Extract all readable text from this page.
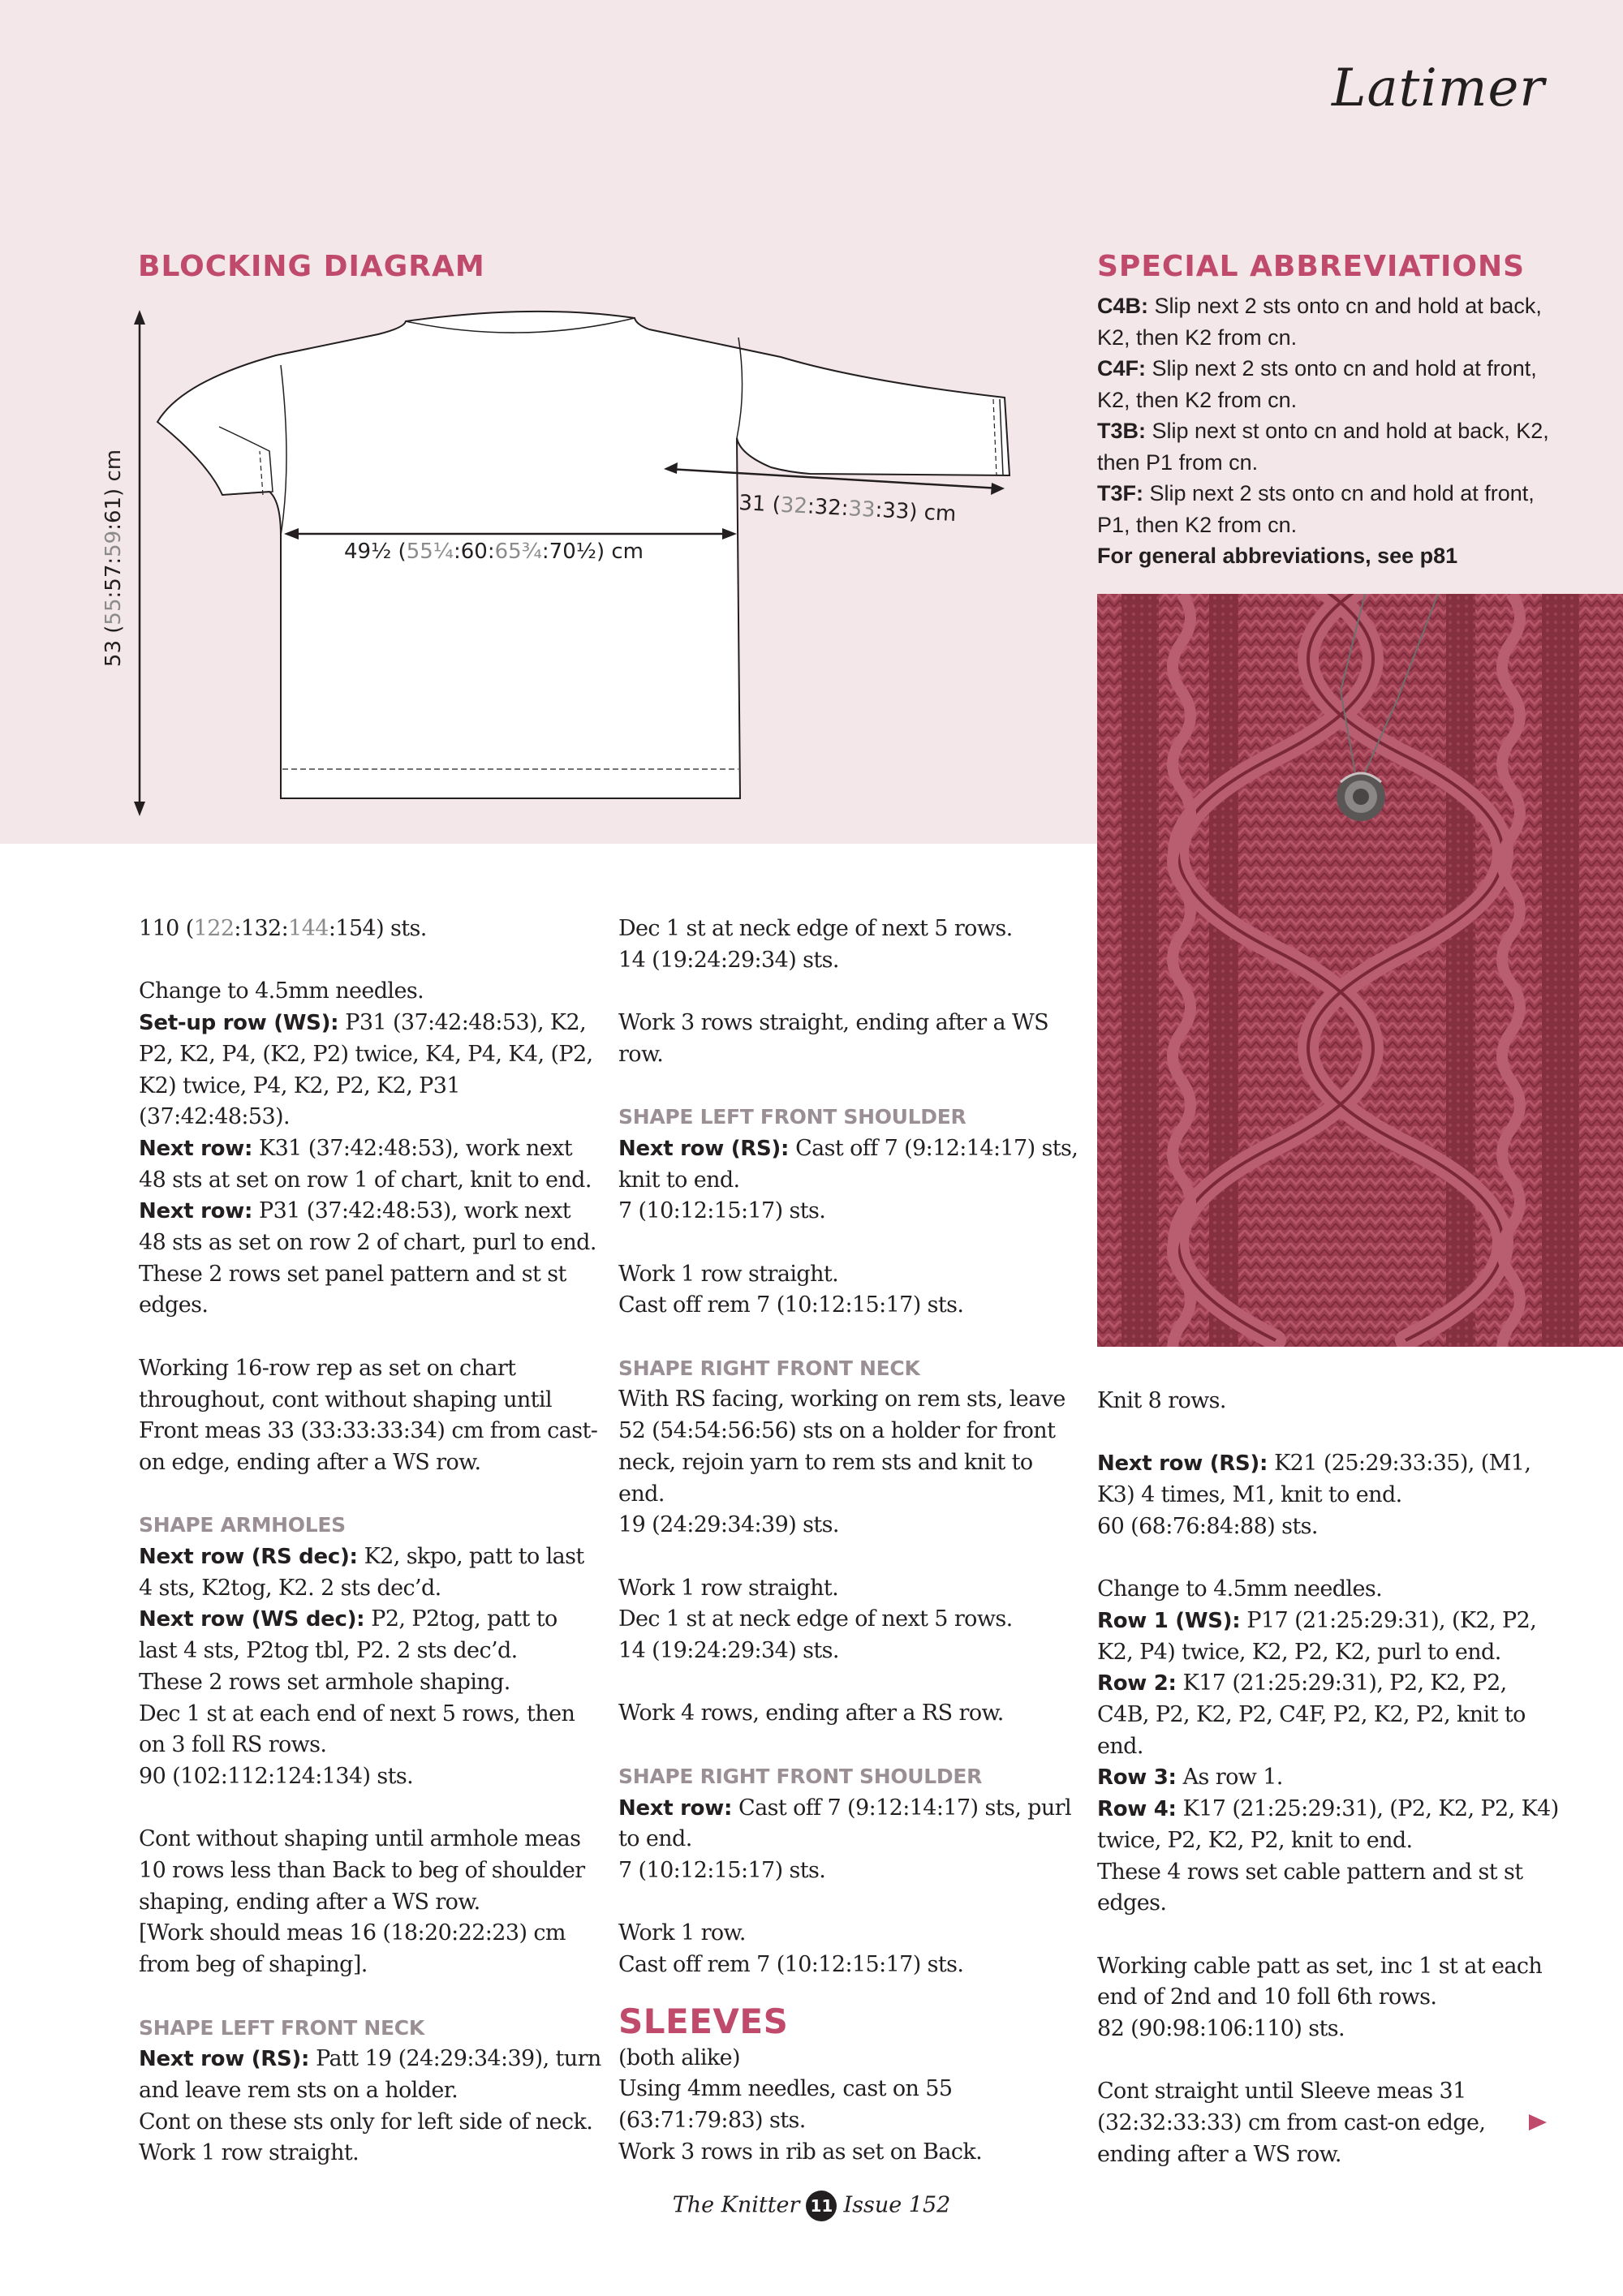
Latimer
BLOCKING DIAGRAM
53 (55:57:59:61) cm
49½ (55¼:60:65¾:70½) cm
31 (32:32:33:33) cm
SPECIAL ABBREVIATIONS

C4B: Slip next 2 sts onto cn and hold at back, K2, then K2 from cn.

C4F: Slip next 2 sts onto cn and hold at front, K2, then K2 from cn.

T3B: Slip next st onto cn and hold at back, K2, then P1 from cn.

T3F: Slip next 2 sts onto cn and hold at front, P1, then K2 from cn.

For general abbreviations, see p81

110 (122:132:144:154) sts.

Change to 4.5mm needles.

Set-up row (WS): P31 (37:42:48:53), K2, P2, K2, P4, (K2, P2) twice, K4, P4, K4, (P2, K2) twice, P4, K2, P2, K2, P31 (37:42:48:53).

Next row: K31 (37:42:48:53), work next 48 sts at set on row 1 of chart, knit to end.

Next row: P31 (37:42:48:53), work next 48 sts as set on row 2 of chart, purl to end.

These 2 rows set panel pattern and st st edges.

Working 16-row rep as set on chart throughout, cont without shaping until Front meas 33 (33:33:33:34) cm from cast-on edge, ending after a WS row.

SHAPE ARMHOLES

Next row (RS dec): K2, skpo, patt to last 4 sts, K2tog, K2. 2 sts dec’d.

Next row (WS dec): P2, P2tog, patt to last 4 sts, P2tog tbl, P2. 2 sts dec’d.

These 2 rows set armhole shaping.

Dec 1 st at each end of next 5 rows, then on 3 foll RS rows.

90 (102:112:124:134) sts.

Cont without shaping until armhole meas 10 rows less than Back to beg of shoulder shaping, ending after a WS row.

[Work should meas 16 (18:20:22:23) cm from beg of shaping].

SHAPE LEFT FRONT NECK

Next row (RS): Patt 19 (24:29:34:39), turn and leave rem sts on a holder.

Cont on these sts only for left side of neck.

Work 1 row straight.

Dec 1 st at neck edge of next 5 rows.

14 (19:24:29:34) sts.

Work 3 rows straight, ending after a WS row.

SHAPE LEFT FRONT SHOULDER

Next row (RS): Cast off 7 (9:12:14:17) sts, knit to end.

7 (10:12:15:17) sts.

Work 1 row straight.

Cast off rem 7 (10:12:15:17) sts.

SHAPE RIGHT FRONT NECK

With RS facing, working on rem sts, leave 52 (54:54:56:56) sts on a holder for front neck, rejoin yarn to rem sts and knit to end.

19 (24:29:34:39) sts.

Work 1 row straight.

Dec 1 st at neck edge of next 5 rows.

14 (19:24:29:34) sts.

Work 4 rows, ending after a RS row.

SHAPE RIGHT FRONT SHOULDER

Next row: Cast off 7 (9:12:14:17) sts, purl to end.

7 (10:12:15:17) sts.

Work 1 row.

Cast off rem 7 (10:12:15:17) sts.

SLEEVES

(both alike)

Using 4mm needles, cast on 55 (63:71:79:83) sts.

Work 3 rows in rib as set on Back.

Knit 8 rows.

Next row (RS): K21 (25:29:33:35), (M1, K3) 4 times, M1, knit to end.

60 (68:76:84:88) sts.

Change to 4.5mm needles.

Row 1 (WS): P17 (21:25:29:31), (K2, P2, K2, P4) twice, K2, P2, K2, purl to end.

Row 2: K17 (21:25:29:31), P2, K2, P2, C4B, P2, K2, P2, C4F, P2, K2, P2, knit to end.

Row 3: As row 1.

Row 4: K17 (21:25:29:31), (P2, K2, P2, K4) twice, P2, K2, P2, knit to end.

These 4 rows set cable pattern and st st edges.

Working cable patt as set, inc 1 st at each end of 2nd and 10 foll 6th rows.

82 (90:98:106:110) sts.

Cont straight until Sleeve meas 31 (32:32:33:33) cm from cast-on edge, ending after a WS row.

The Knitter 11 Issue 152
